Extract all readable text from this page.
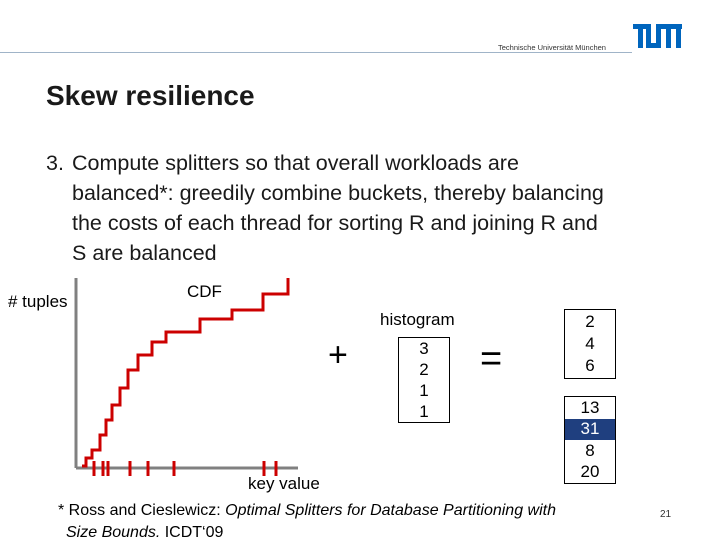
Technische Universität München
Skew resilience
3. Compute splitters so that overall workloads are
balanced*: greedily combine buckets, thereby balancing
the costs of each thread for sorting R and joining R and
S are balanced
# tuples
CDF
key value
histogram
+	=
3
2
1
1
2
4
6
13
31
8
20
* Ross and Cieslewicz: Optimal Splitters for Database Partitioning with
Size Bounds. ICDT‘09
21
